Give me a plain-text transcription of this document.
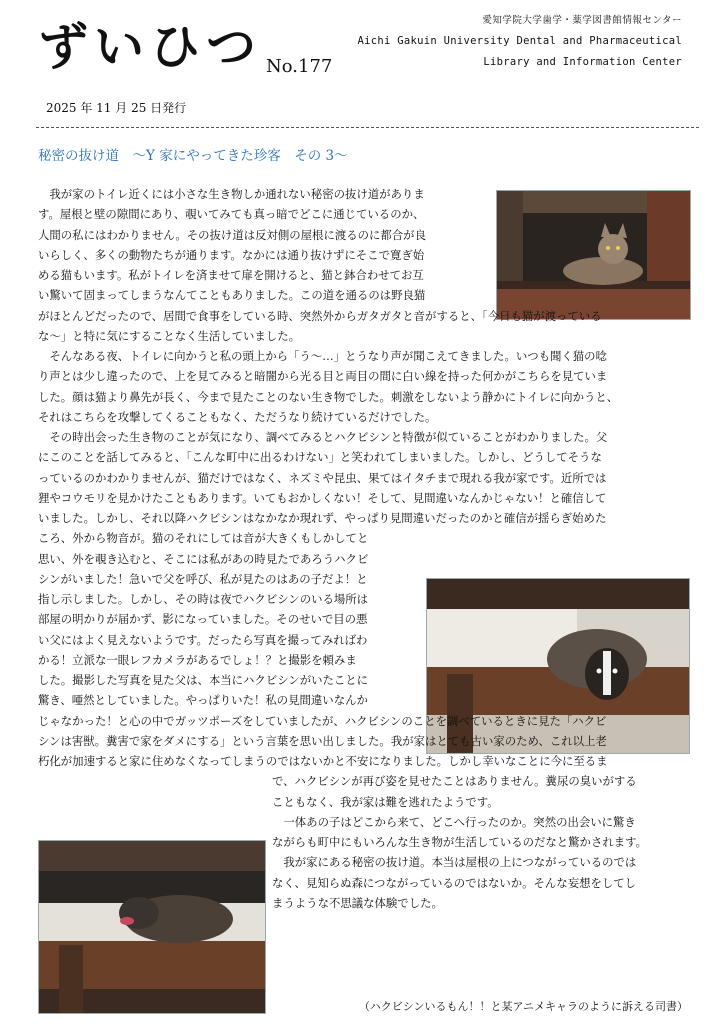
ずいひつ No.177
愛知学院大学歯学・薬学図書館情報センター
Aichi Gakuin University Dental and Pharmaceutical
Library and Information Center
2025 年 11 月 25 日発行
秘密の抜け道　～Y 家にやってきた珍客　その 3～
　我が家のトイレ近くには小さな生き物しか通れない秘密の抜け道がありま
す。屋根と壁の隙間にあり、覗いてみても真っ暗でどこに通じているのか、
人間の私にはわかりません。その抜け道は反対側の屋根に渡るのに都合が良
いらしく、多くの動物たちが通ります。なかには通り抜けずにそこで寛ぎ始
める猫もいます。私がトイレを済ませて扉を開けると、猫と鉢合わせてお互
い驚いて固まってしまうなんてこともありました。この道を通るのは野良猫
がほとんどだったので、居間で食事をしている時、突然外からガタガタと音がすると、「今日も猫が渡っている
な～」と特に気にすることなく生活していました。
　そんなある夜、トイレに向かうと私の頭上から「う～…」とうなり声が聞こえてきました。いつも聞く猫の唸
り声とは少し違ったので、上を見てみると暗闇から光る目と両目の間に白い線を持った何かがこちらを見ていま
した。顔は猫より鼻先が長く、今まで見たことのない生き物でした。刺激をしないよう静かにトイレに向かうと、
それはこちらを攻撃してくることもなく、ただうなり続けているだけでした。
　その時出会った生き物のことが気になり、調べてみるとハクビシンと特徴が似ていることがわかりました。父
にこのことを話してみると、「こんな町中に出るわけない」と笑われてしまいました。しかし、どうしてそうな
っているのかわかりませんが、猫だけではなく、ネズミや昆虫、果てはイタチまで現れる我が家です。近所では
狸やコウモリを見かけたこともあります。いてもおかしくない！そして、見間違いなんかじゃない！と確信して
いました。しかし、それ以降ハクビシンはなかなか現れず、やっぱり見間違いだったのかと確信が揺らぎ始めた
ころ、外から物音が。猫のそれにしては音が大きくもしかしてと
思い、外を覗き込むと、そこには私があの時見たであろうハクビ
シンがいました！急いで父を呼び、私が見たのはあの子だよ！と
指し示しました。しかし、その時は夜でハクビシンのいる場所は
部屋の明かりが届かず、影になっていました。そのせいで目の悪
い父にはよく見えないようです。だったら写真を撮ってみればわ
かる！立派な一眼レフカメラがあるでしょ！？と撮影を頼みま
した。撮影した写真を見た父は、本当にハクビシンがいたことに
驚き、唖然としていました。やっぱりいた！私の見間違いなんか
じゃなかった！と心の中でガッツポーズをしていましたが、ハクビシンのことを調べているときに見た「ハクビ
シンは害獣。糞害で家をダメにする」という言葉を思い出しました。我が家はとても古い家のため、これ以上老
朽化が加速すると家に住めなくなってしまうのではないかと不安になりました。しかし幸いなことに今に至るま
で、ハクビシンが再び姿を見せたことはありません。糞尿の臭いがする
こともなく、我が家は難を逃れたようです。
　一体あの子はどこから来て、どこへ行ったのか。突然の出会いに驚き
ながらも町中にもいろんな生き物が生活しているのだなと驚かされます。
　我が家にある秘密の抜け道。本当は屋根の上につながっているのでは
なく、見知らぬ森につながっているのではないか。そんな妄想をしてし
まうような不思議な体験でした。
（ハクビシンいるもん！！と某アニメキャラのように訴える司書）
